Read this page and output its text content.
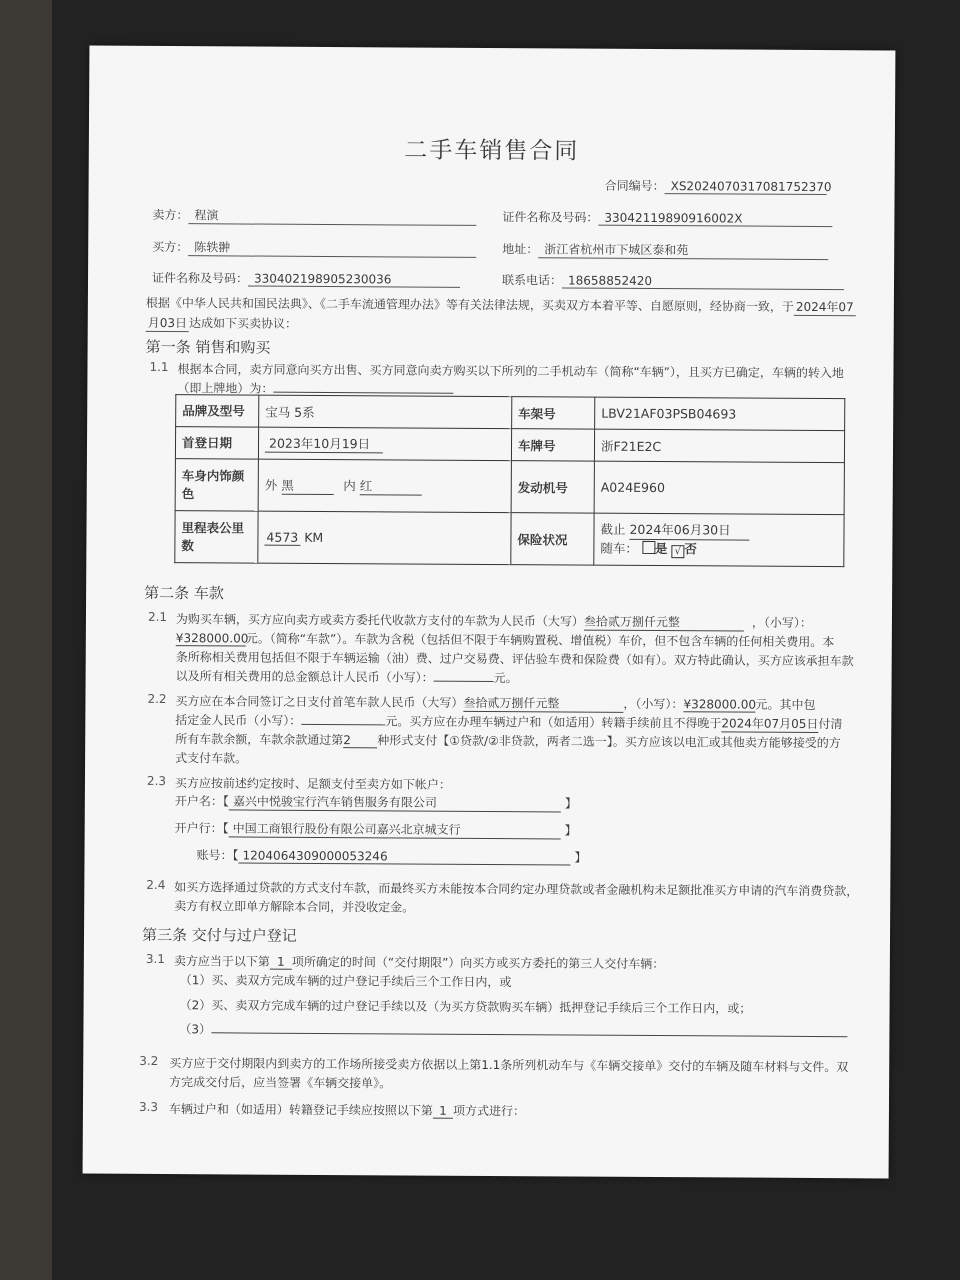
二手车销售合同
合同编号： XS2024070317081752370
卖方： 程演	证件名称及号码： 33042119890916002X
买方： 陈轶翀	地址： 浙江省杭州市下城区泰和苑
证件名称及号码： 330402198905230036	联系电话： 18658852420
根据《中华人民共和国民法典》、《二手车流通管理办法》等有关法律法规，买卖双方本着平等、自愿原则，经协商一致，于 2024年07
月03日 达成如下买卖协议：
第一条 销售和购买
1.1 根据本合同，卖方同意向买方出售、买方同意向卖方购买以下所列的二手机动车（简称“车辆”），且买方已确定，车辆的转入地
（即上牌地）为：
品牌及型号	宝马 5系	车架号	LBV21AF03PSB04693
首登日期	2023年10月19日	车牌号	浙F21E2C
车身内饰颜色	外 黑 内 红	发动机号	A024E960
里程表公里数	4573 KM	保险状况	截止 2024年06月30日
随车： 是 √ 否
第二条 车款
2.1 为购买车辆，买方应向卖方或卖方委托代收款方支付的车款为人民币（大写）叁拾贰万捌仟元整	，（小写）：
¥328000.00元。（简称“车款”）。车款为含税（包括但不限于车辆购置税、增值税）车价，但不包含车辆的任何相关费用。本
条所称相关费用包括但不限于车辆运输（油）费、过户交易费、评估验车费和保险费（如有）。双方特此确认，买方应该承担车款
以及所有相关费用的总金额总计人民币（小写）：	元。
2.2 买方应在本合同签订之日支付首笔车款人民币（大写）叁拾贰万捌仟元整	，（小写）：¥328000.00元。其中包
括定金人民币（小写）：	元。买方应在办理车辆过户和（如适用）转籍手续前且不得晚于2024年07月05日付清
所有车款余额，车款余款通过第2 种形式支付【①贷款/②非贷款，两者二选一】。买方应该以电汇或其他卖方能够接受的方
式支付车款。
2.3 买方应按前述约定按时、足额支付至卖方如下帐户：
开户名：【 嘉兴中悦骏宝行汽车销售服务有限公司	】
开户行：【 中国工商银行股份有限公司嘉兴北京城支行	】
账号：【 1204064309000053246	】
2.4 如买方选择通过贷款的方式支付车款，而最终买方未能按本合同约定办理贷款或者金融机构未足额批准买方申请的汽车消费贷款，
卖方有权立即单方解除本合同，并没收定金。
第三条 交付与过户登记
3.1 卖方应当于以下第 1 项所确定的时间（“交付期限”）向买方或买方委托的第三人交付车辆：
（1）买、卖双方完成车辆的过户登记手续后三个工作日内，或
（2）买、卖双方完成车辆的过户登记手续以及（为买方贷款购买车辆）抵押登记手续后三个工作日内，或；
（3）
3.2 买方应于交付期限内到卖方的工作场所接受卖方依据以上第1.1条所列机动车与《车辆交接单》交付的车辆及随车材料与文件。双
方完成交付后，应当签署《车辆交接单》。
3.3 车辆过户和（如适用）转籍登记手续应按照以下第 1 项方式进行：
